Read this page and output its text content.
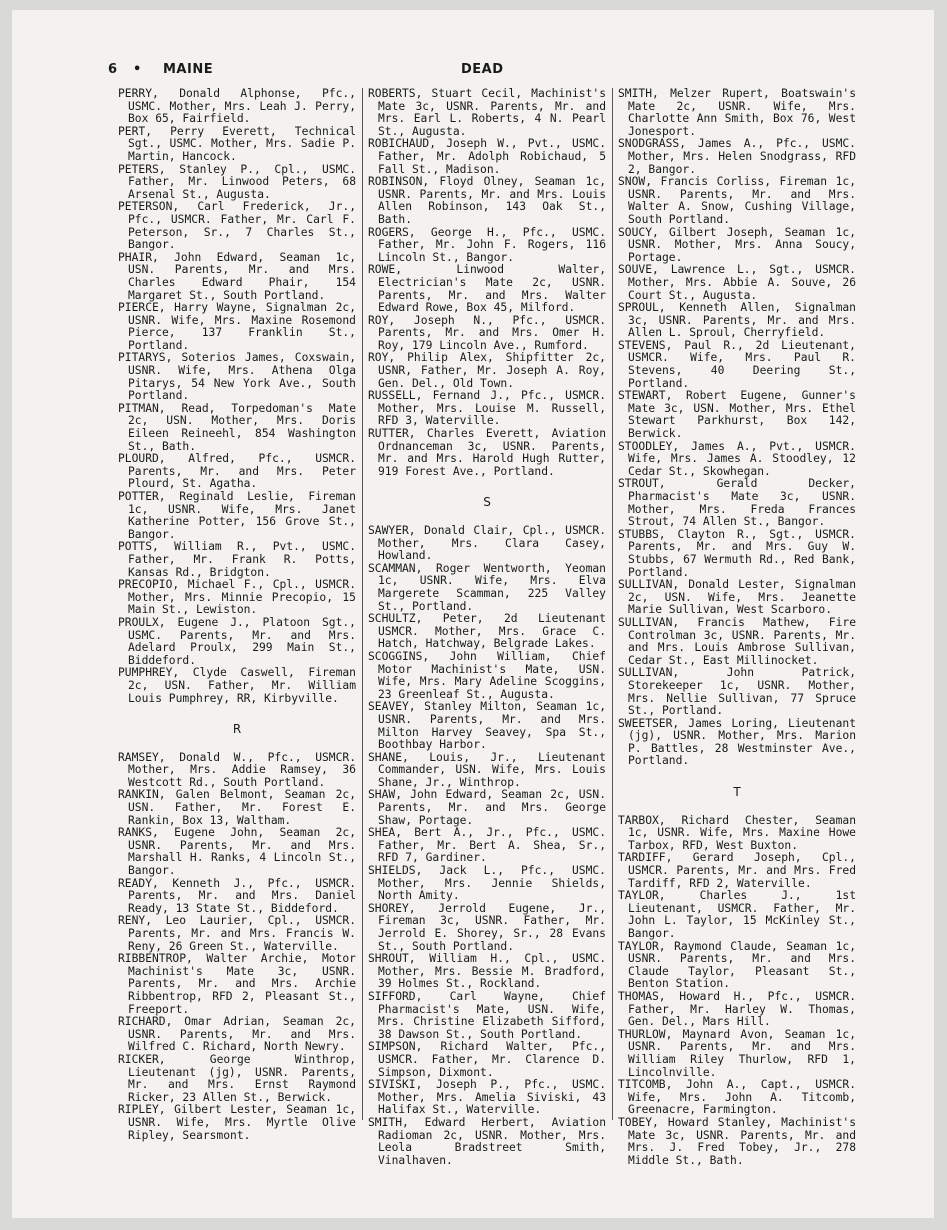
6 • MAINE	DEAD

PERRY, Donald Alphonse, Pfc., USMC. Mother, Mrs. Leah J. Perry, Box 65, Fairfield.

PERT, Perry Everett, Technical Sgt., USMC. Mother, Mrs. Sadie P. Martin, Hancock.

PETERS, Stanley P., Cpl., USMC. Father, Mr. Linwood Peters, 68 Arsenal St., Augusta.

PETERSON, Carl Frederick, Jr., Pfc., USMCR. Father, Mr. Carl F. Peterson, Sr., 7 Charles St., Bangor.

PHAIR, John Edward, Seaman 1c, USN. Parents, Mr. and Mrs. Charles Edward Phair, 154 Margaret St., South Portland.

PIERCE, Harry Wayne, Signalman 2c, USNR. Wife, Mrs. Maxine Rosemond Pierce, 137 Franklin St., Portland.

PITARYS, Soterios James, Coxswain, USNR. Wife, Mrs. Athena Olga Pitarys, 54 New York Ave., South Portland.

PITMAN, Read, Torpedoman's Mate 2c, USN. Mother, Mrs. Doris Eileen Reineehl, 854 Washington St., Bath.

PLOURD, Alfred, Pfc., USMCR. Parents, Mr. and Mrs. Peter Plourd, St. Agatha.

POTTER, Reginald Leslie, Fireman 1c, USNR. Wife, Mrs. Janet Katherine Potter, 156 Grove St., Bangor.

POTTS, William R., Pvt., USMC. Father, Mr. Frank R. Potts, Kansas Rd., Bridgton.

PRECOPIO, Michael F., Cpl., USMCR. Mother, Mrs. Minnie Precopio, 15 Main St., Lewiston.

PROULX, Eugene J., Platoon Sgt., USMC. Parents, Mr. and Mrs. Adelard Proulx, 299 Main St., Biddeford.

PUMPHREY, Clyde Caswell, Fireman 2c, USN. Father, Mr. William Louis Pumphrey, RR, Kirbyville.

R

RAMSEY, Donald W., Pfc., USMCR. Mother, Mrs. Addie Ramsey, 36 Westcott Rd., South Portland.

RANKIN, Galen Belmont, Seaman 2c, USN. Father, Mr. Forest E. Rankin, Box 13, Waltham.

RANKS, Eugene John, Seaman 2c, USNR. Parents, Mr. and Mrs. Marshall H. Ranks, 4 Lincoln St., Bangor.

READY, Kenneth J., Pfc., USMCR. Parents, Mr. and Mrs. Daniel Ready, 13 State St., Biddeford.

RENY, Leo Laurier, Cpl., USMCR. Parents, Mr. and Mrs. Francis W. Reny, 26 Green St., Waterville.

RIBBENTROP, Walter Archie, Motor Machinist's Mate 3c, USNR. Parents, Mr. and Mrs. Archie Ribbentrop, RFD 2, Pleasant St., Freeport.

RICHARD, Omar Adrian, Seaman 2c, USNR. Parents, Mr. and Mrs. Wilfred C. Richard, North Newry.

RICKER, George Winthrop, Lieutenant (jg), USNR. Parents, Mr. and Mrs. Ernst Raymond Ricker, 23 Allen St., Berwick.

RIPLEY, Gilbert Lester, Seaman 1c, USNR. Wife, Mrs. Myrtle Olive Ripley, Searsmont.

ROBERTS, Stuart Cecil, Machinist's Mate 3c, USNR. Parents, Mr. and Mrs. Earl L. Roberts, 4 N. Pearl St., Augusta.

ROBICHAUD, Joseph W., Pvt., USMC. Father, Mr. Adolph Robichaud, 5 Fall St., Madison.

ROBINSON, Floyd Olney, Seaman 1c, USNR. Parents, Mr. and Mrs. Louis Allen Robinson, 143 Oak St., Bath.

ROGERS, George H., Pfc., USMC. Father, Mr. John F. Rogers, 116 Lincoln St., Bangor.

ROWE, Linwood Walter, Electrician's Mate 2c, USNR. Parents, Mr. and Mrs. Walter Edward Rowe, Box 45, Milford.

ROY, Joseph N., Pfc., USMCR. Parents, Mr. and Mrs. Omer H. Roy, 179 Lincoln Ave., Rumford.

ROY, Philip Alex, Shipfitter 2c, USNR, Father, Mr. Joseph A. Roy, Gen. Del., Old Town.

RUSSELL, Fernand J., Pfc., USMCR. Mother, Mrs. Louise M. Russell, RFD 3, Waterville.

RUTTER, Charles Everett, Aviation Ordnanceman 3c, USNR. Parents, Mr. and Mrs. Harold Hugh Rutter, 919 Forest Ave., Portland.

S

SAWYER, Donald Clair, Cpl., USMCR. Mother, Mrs. Clara Casey, Howland.

SCAMMAN, Roger Wentworth, Yeoman 1c, USNR. Wife, Mrs. Elva Margerete Scamman, 225 Valley St., Portland.

SCHULTZ, Peter, 2d Lieutenant USMCR. Mother, Mrs. Grace C. Hatch, Hatchway, Belgrade Lakes.

SCOGGINS, John William, Chief Motor Machinist's Mate, USN. Wife, Mrs. Mary Adeline Scoggins, 23 Greenleaf St., Augusta.

SEAVEY, Stanley Milton, Seaman 1c, USNR. Parents, Mr. and Mrs. Milton Harvey Seavey, Spa St., Boothbay Harbor.

SHANE, Louis, Jr., Lieutenant Commander, USN. Wife, Mrs. Louis Shane, Jr., Winthrop.

SHAW, John Edward, Seaman 2c, USN. Parents, Mr. and Mrs. George Shaw, Portage.

SHEA, Bert A., Jr., Pfc., USMC. Father, Mr. Bert A. Shea, Sr., RFD 7, Gardiner.

SHIELDS, Jack L., Pfc., USMC. Mother, Mrs. Jennie Shields, North Amity.

SHOREY, Jerrold Eugene, Jr., Fireman 3c, USNR. Father, Mr. Jerrold E. Shorey, Sr., 28 Evans St., South Portland.

SHROUT, William H., Cpl., USMC. Mother, Mrs. Bessie M. Bradford, 39 Holmes St., Rockland.

SIFFORD, Carl Wayne, Chief Pharmacist's Mate, USN. Wife, Mrs. Christine Elizabeth Sifford, 38 Dawson St., South Portland.

SIMPSON, Richard Walter, Pfc., USMCR. Father, Mr. Clarence D. Simpson, Dixmont.

SIVISKI, Joseph P., Pfc., USMC. Mother, Mrs. Amelia Siviski, 43 Halifax St., Waterville.

SMITH, Edward Herbert, Aviation Radioman 2c, USNR. Mother, Mrs. Leola Bradstreet Smith, Vinalhaven.

SMITH, Melzer Rupert, Boatswain's Mate 2c, USNR. Wife, Mrs. Charlotte Ann Smith, Box 76, West Jonesport.

SNODGRASS, James A., Pfc., USMC. Mother, Mrs. Helen Snodgrass, RFD 2, Bangor.

SNOW, Francis Corliss, Fireman 1c, USNR. Parents, Mr. and Mrs. Walter A. Snow, Cushing Village, South Portland.

SOUCY, Gilbert Joseph, Seaman 1c, USNR. Mother, Mrs. Anna Soucy, Portage.

SOUVE, Lawrence L., Sgt., USMCR. Mother, Mrs. Abbie A. Souve, 26 Court St., Augusta.

SPROUL, Kenneth Allen, Signalman 3c, USNR. Parents, Mr. and Mrs. Allen L. Sproul, Cherryfield.

STEVENS, Paul R., 2d Lieutenant, USMCR. Wife, Mrs. Paul R. Stevens, 40 Deering St., Portland.

STEWART, Robert Eugene, Gunner's Mate 3c, USN. Mother, Mrs. Ethel Stewart Parkhurst, Box 142, Berwick.

STOODLEY, James A., Pvt., USMCR. Wife, Mrs. James A. Stoodley, 12 Cedar St., Skowhegan.

STROUT, Gerald Decker, Pharmacist's Mate 3c, USNR. Mother, Mrs. Freda Frances Strout, 74 Allen St., Bangor.

STUBBS, Clayton R., Sgt., USMCR. Parents, Mr. and Mrs. Guy W. Stubbs, 67 Wermuth Rd., Red Bank, Portland.

SULLIVAN, Donald Lester, Signalman 2c, USN. Wife, Mrs. Jeanette Marie Sullivan, West Scarboro.

SULLIVAN, Francis Mathew, Fire Controlman 3c, USNR. Parents, Mr. and Mrs. Louis Ambrose Sullivan, Cedar St., East Millinocket.

SULLIVAN, John Patrick, Storekeeper 1c, USNR. Mother, Mrs. Nellie Sullivan, 77 Spruce St., Portland.

SWEETSER, James Loring, Lieutenant (jg), USNR. Mother, Mrs. Marion P. Battles, 28 Westminster Ave., Portland.

T

TARBOX, Richard Chester, Seaman 1c, USNR. Wife, Mrs. Maxine Howe Tarbox, RFD, West Buxton.

TARDIFF, Gerard Joseph, Cpl., USMCR. Parents, Mr. and Mrs. Fred Tardiff, RFD 2, Waterville.

TAYLOR, Charles J., 1st Lieutenant, USMCR. Father, Mr. John L. Taylor, 15 McKinley St., Bangor.

TAYLOR, Raymond Claude, Seaman 1c, USNR. Parents, Mr. and Mrs. Claude Taylor, Pleasant St., Benton Station.

THOMAS, Howard H., Pfc., USMCR. Father, Mr. Harley W. Thomas, Gen. Del., Mars Hill.

THURLOW, Maynard Avon, Seaman 1c, USNR. Parents, Mr. and Mrs. William Riley Thurlow, RFD 1, Lincolnville.

TITCOMB, John A., Capt., USMCR. Wife, Mrs. John A. Titcomb, Greenacre, Farmington.

TOBEY, Howard Stanley, Machinist's Mate 3c, USNR. Parents, Mr. and Mrs. J. Fred Tobey, Jr., 278 Middle St., Bath.
